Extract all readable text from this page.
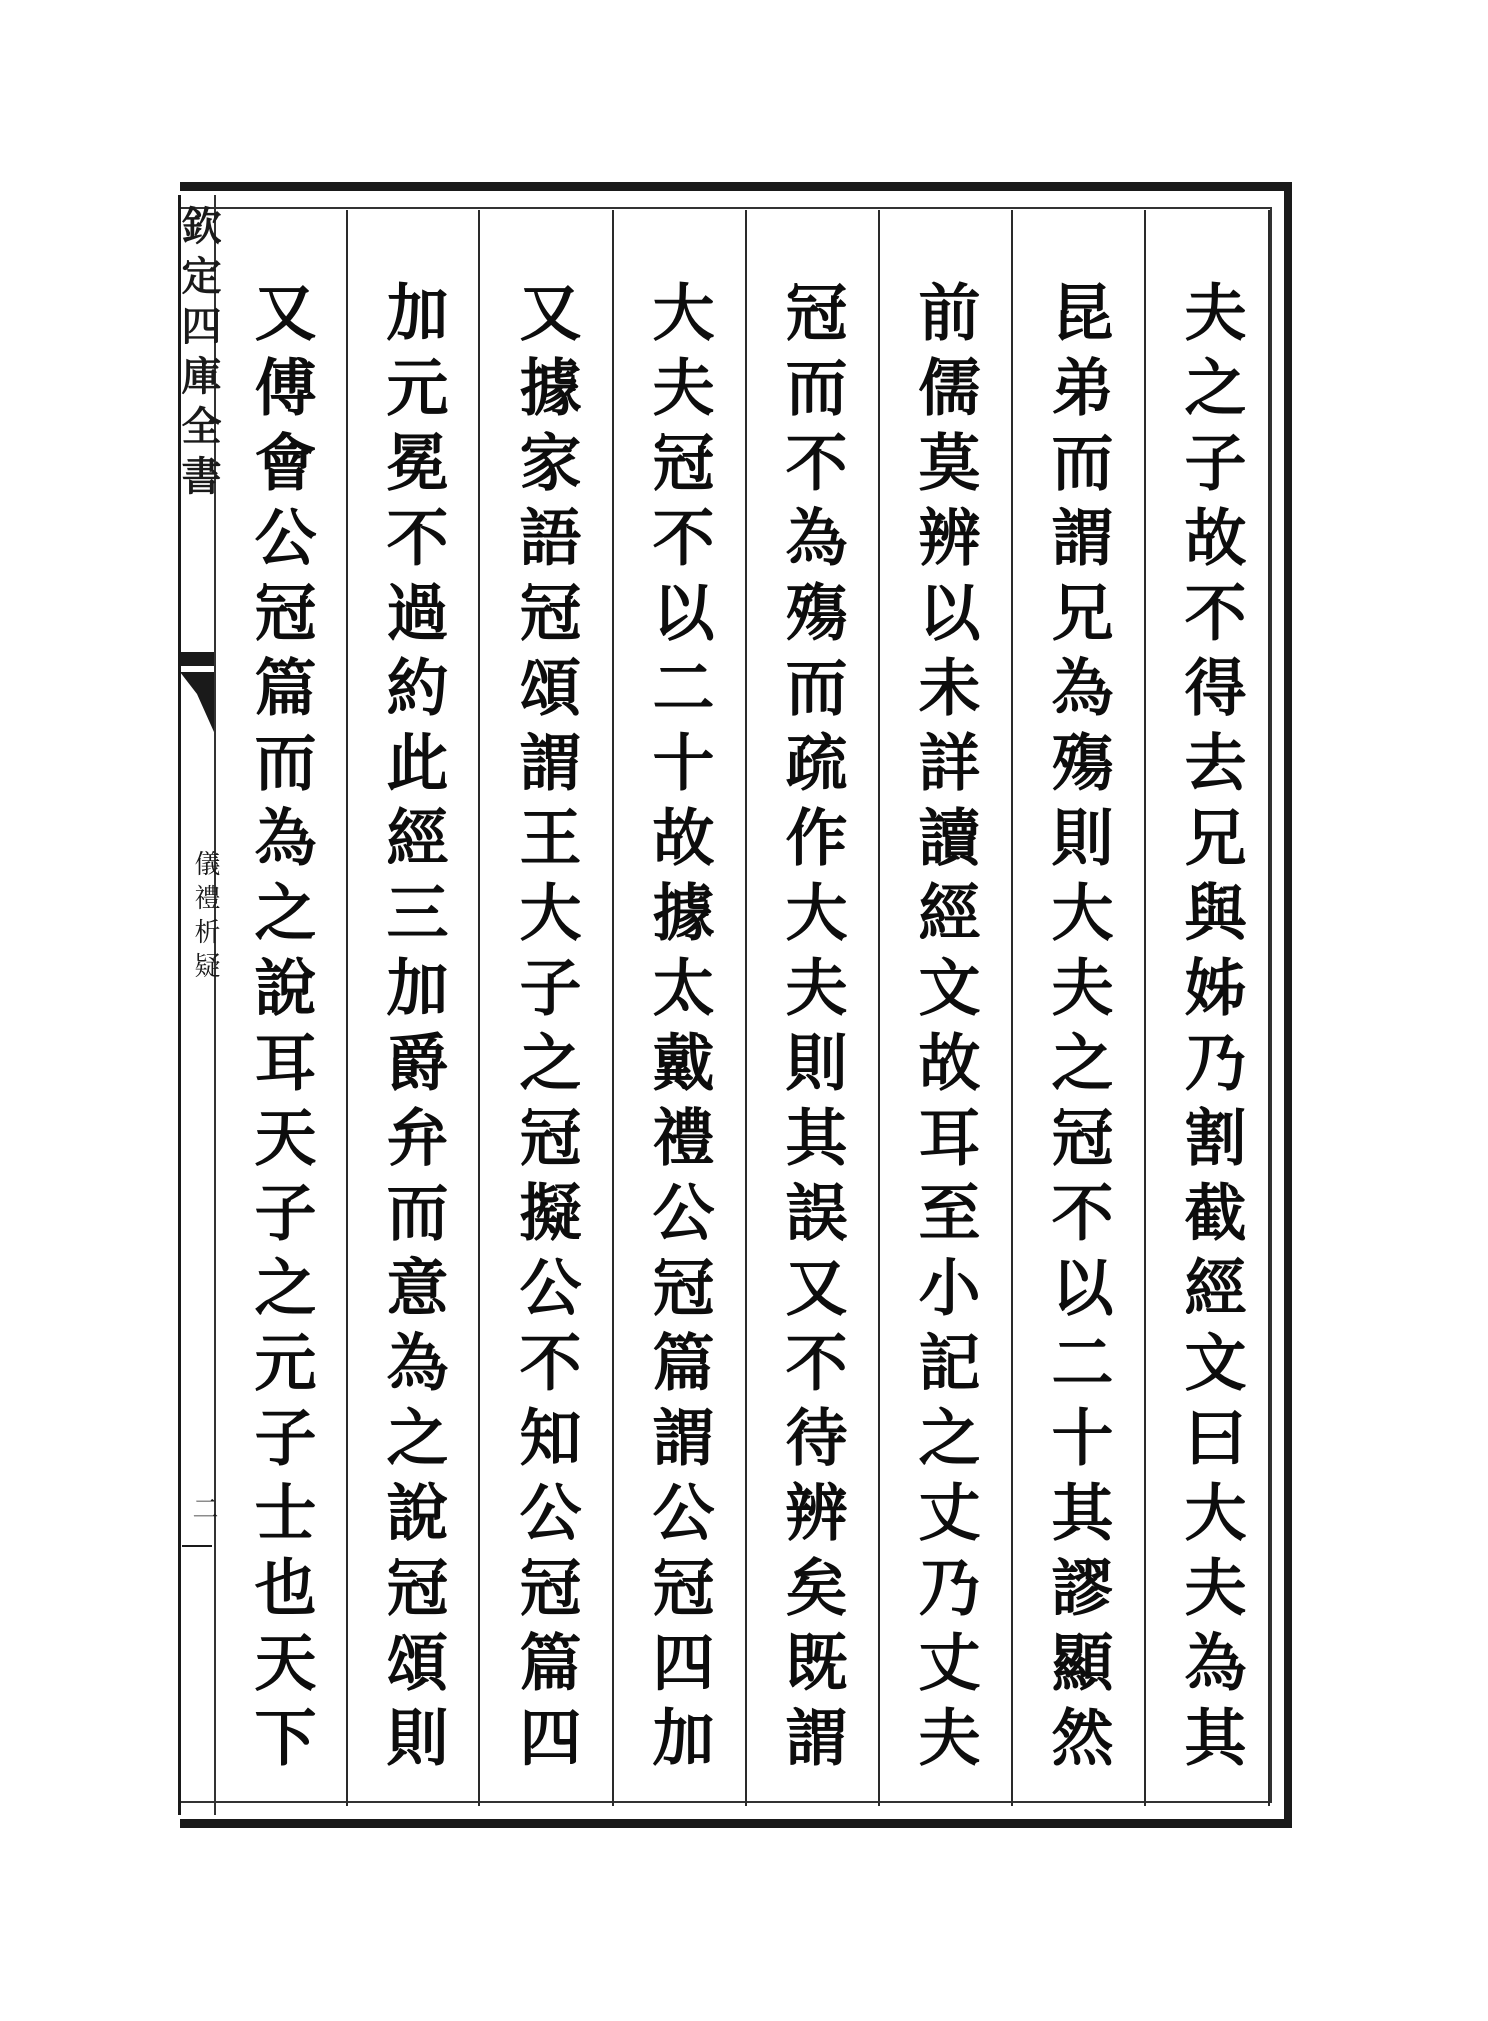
欽定四庫全書
儀禮析疑
二	夫之子故不得去兄與姊乃割截經文曰大夫為其
昆弟而謂兄為殤則大夫之冠不以二十其謬顯然
前儒莫辨以未詳讀經文故耳至小記之丈乃丈夫
冠而不為殤而疏作大夫則其誤又不待辨矣既謂
大夫冠不以二十故據太戴禮公冠篇謂公冠四加
又據家語冠頌謂王大子之冠擬公不知公冠篇四
加元冕不過約此經三加爵弁而意為之說冠頌則
又傅會公冠篇而為之說耳天子之元子士也天下
